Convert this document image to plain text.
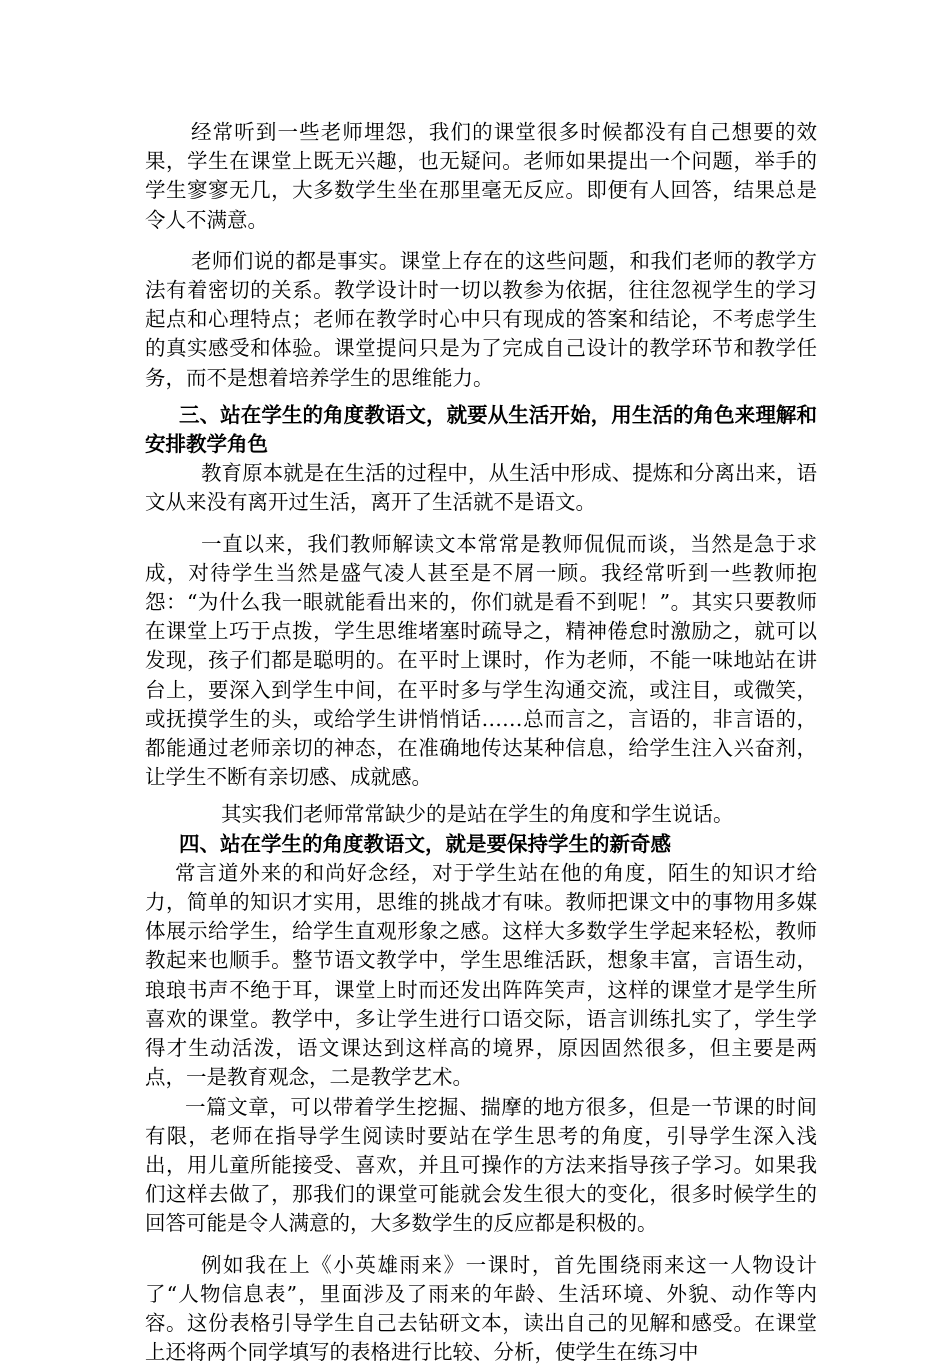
经常听到一些老师埋怨，我们的课堂很多时候都没有自己想要的效果，学生在课堂上既无兴趣，也无疑问。老师如果提出一个问题，举手的学生寥寥无几，大多数学生坐在那里毫无反应。即便有人回答，结果总是令人不满意。

老师们说的都是事实。课堂上存在的这些问题，和我们老师的教学方法有着密切的关系。教学设计时一切以教参为依据，往往忽视学生的学习起点和心理特点；老师在教学时心中只有现成的答案和结论，不考虑学生的真实感受和体验。课堂提问只是为了完成自己设计的教学环节和教学任务，而不是想着培养学生的思维能力。

三、站在学生的角度教语文，就要从生活开始，用生活的角色来理解和安排教学角色

教育原本就是在生活的过程中，从生活中形成、提炼和分离出来，语文从来没有离开过生活，离开了生活就不是语文。

一直以来，我们教师解读文本常常是教师侃侃而谈，当然是急于求成，对待学生当然是盛气凌人甚至是不屑一顾。我经常听到一些教师抱怨：“为什么我一眼就能看出来的，你们就是看不到呢！”。其实只要教师在课堂上巧于点拨，学生思维堵塞时疏导之，精神倦怠时激励之，就可以发现，孩子们都是聪明的。在平时上课时，作为老师，不能一味地站在讲台上，要深入到学生中间，在平时多与学生沟通交流，或注目，或微笑，或抚摸学生的头，或给学生讲悄悄话……总而言之，言语的，非言语的，都能通过老师亲切的神态，在准确地传达某种信息，给学生注入兴奋剂，让学生不断有亲切感、成就感。

其实我们老师常常缺少的是站在学生的角度和学生说话。

四、站在学生的角度教语文，就是要保持学生的新奇感

常言道外来的和尚好念经，对于学生站在他的角度，陌生的知识才给力，简单的知识才实用，思维的挑战才有味。教师把课文中的事物用多媒体展示给学生，给学生直观形象之感。这样大多数学生学起来轻松，教师教起来也顺手。整节语文教学中，学生思维活跃，想象丰富，言语生动，琅琅书声不绝于耳，课堂上时而还发出阵阵笑声，这样的课堂才是学生所喜欢的课堂。教学中，多让学生进行口语交际，语言训练扎实了，学生学得才生动活泼，语文课达到这样高的境界，原因固然很多，但主要是两点，一是教育观念，二是教学艺术。

一篇文章，可以带着学生挖掘、揣摩的地方很多，但是一节课的时间有限，老师在指导学生阅读时要站在学生思考的角度，引导学生深入浅出，用儿童所能接受、喜欢，并且可操作的方法来指导孩子学习。如果我们这样去做了，那我们的课堂可能就会发生很大的变化，很多时候学生的回答可能是令人满意的，大多数学生的反应都是积极的。

例如我在上《小英雄雨来》一课时，首先围绕雨来这一人物设计了“人物信息表”，里面涉及了雨来的年龄、生活环境、外貌、动作等内容。这份表格引导学生自己去钻研文本，读出自己的见解和感受。在课堂上还将两个同学填写的表格进行比较、分析，使学生在练习中
